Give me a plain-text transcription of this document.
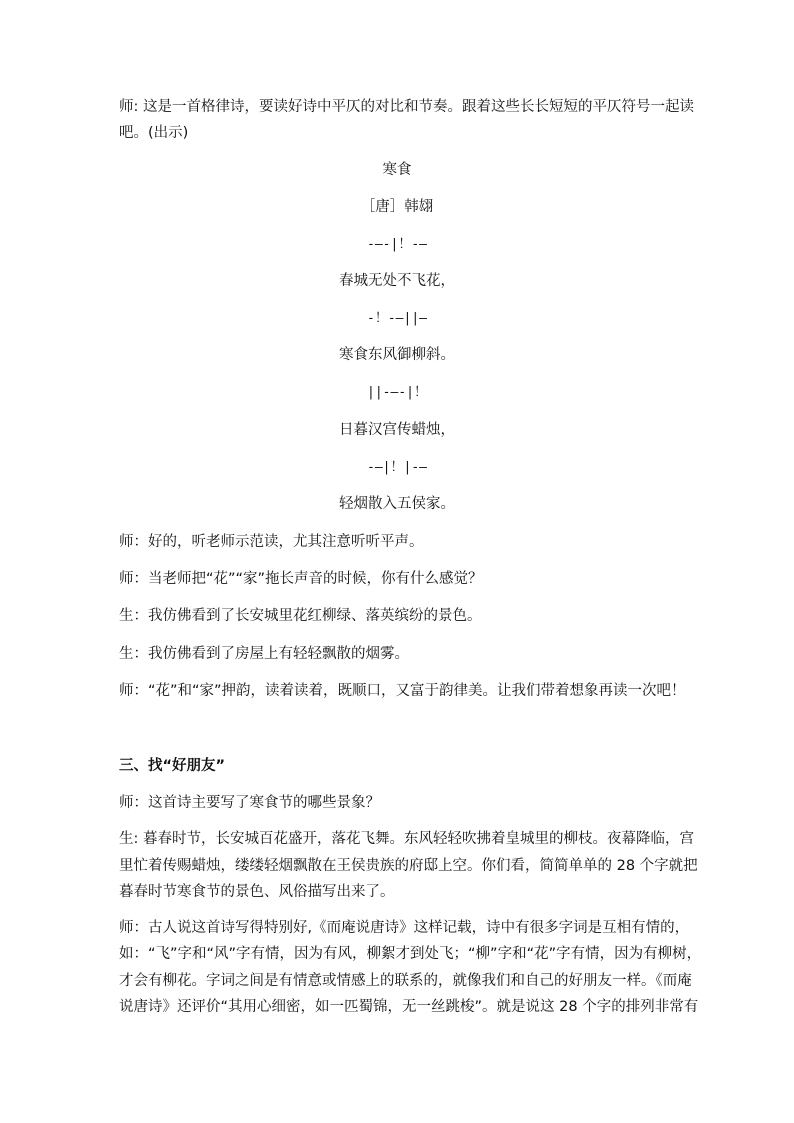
师: 这是一首格律诗，要读好诗中平仄的对比和节奏。跟着这些长长短短的平仄符号一起读
吧。(出示)
寒食
［唐］韩翃
-—-|！-—
春城无处不飞花，
-！-—||—
寒食东风御柳斜。
||-—-|！
日暮汉宫传蜡烛，
-—|！|-—
轻烟散入五侯家。
师：好的，听老师示范读，尤其注意听听平声。
师：当老师把“花”“家”拖长声音的时候，你有什么感觉？
生：我仿佛看到了长安城里花红柳绿、落英缤纷的景色。
生：我仿佛看到了房屋上有轻轻飘散的烟雾。
师：“花”和“家”押韵，读着读着，既顺口，又富于韵律美。让我们带着想象再读一次吧！
三、找“好朋友”
师：这首诗主要写了寒食节的哪些景象？
生: 暮春时节，长安城百花盛开，落花飞舞。东风轻轻吹拂着皇城里的柳枝。夜幕降临，宫
里忙着传赐蜡烛，缕缕轻烟飘散在王侯贵族的府邸上空。你们看，简简单单的 28 个字就把
暮春时节寒食节的景色、风俗描写出来了。
师：古人说这首诗写得特别好,《而庵说唐诗》这样记载，诗中有很多字词是互相有情的，
如：“飞”字和“风”字有情，因为有风，柳絮才到处飞；“柳”字和“花”字有情，因为有柳树，
才会有柳花。字词之间是有情意或情感上的联系的，就像我们和自己的好朋友一样。《而庵
说唐诗》还评价“其用心细密，如一匹蜀锦，无一丝跳梭”。就是说这 28 个字的排列非常有
